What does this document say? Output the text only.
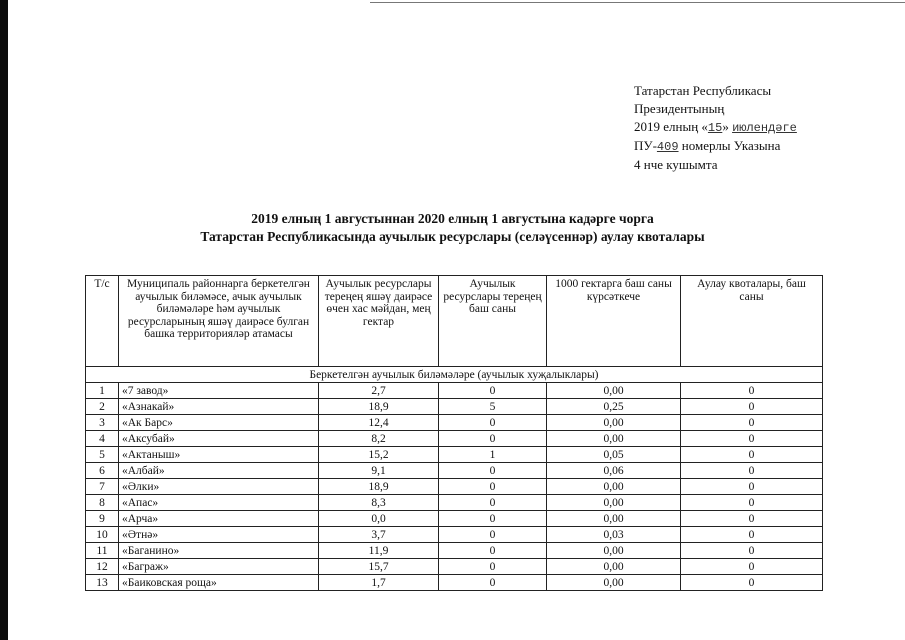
Татарстан Республикасы
Президентының
2019 елның «15» июлендәге
ПУ-409 номерлы Указына
4 нче кушымта
2019 елның 1 августыннан 2020 елның 1 августына кадәрге чорга
Татарстан Республикасында аучылык ресурслары (селәүсеннәр) аулау квоталары
Т/с	Муниципаль районнарга беркетелгән аучылык биләмәсе, ачык аучылык биләмәләре һәм аучылык ресурсларының яшәү даирәсе булган башка территорияләр атамасы	Аучылык ресурслары тереңең яшәү даирәсе өчен хас мәйдан, мең гектар	Аучылык ресурслары тереңең баш саны	1000 гектарга баш саны күрсәткече	Аулау квоталары, баш саны
Беркетелгән аучылык биләмәләре (аучылык хуҗалыклары)					
1	«7 завод»	2,7	0	0,00	0
2	«Азнакай»	18,9	5	0,25	0
3	«Ак Барс»	12,4	0	0,00	0
4	«Аксубай»	8,2	0	0,00	0
5	«Актаныш»	15,2	1	0,05	0
6	«Албай»	9,1	0	0,06	0
7	«Әлки»	18,9	0	0,00	0
8	«Апас»	8,3	0	0,00	0
9	«Арча»	0,0	0	0,00	0
10	«Әтнә»	3,7	0	0,03	0
11	«Баганино»	11,9	0	0,00	0
12	«Баграж»	15,7	0	0,00	0
13	«Баиковская роща»	1,7	0	0,00	0
